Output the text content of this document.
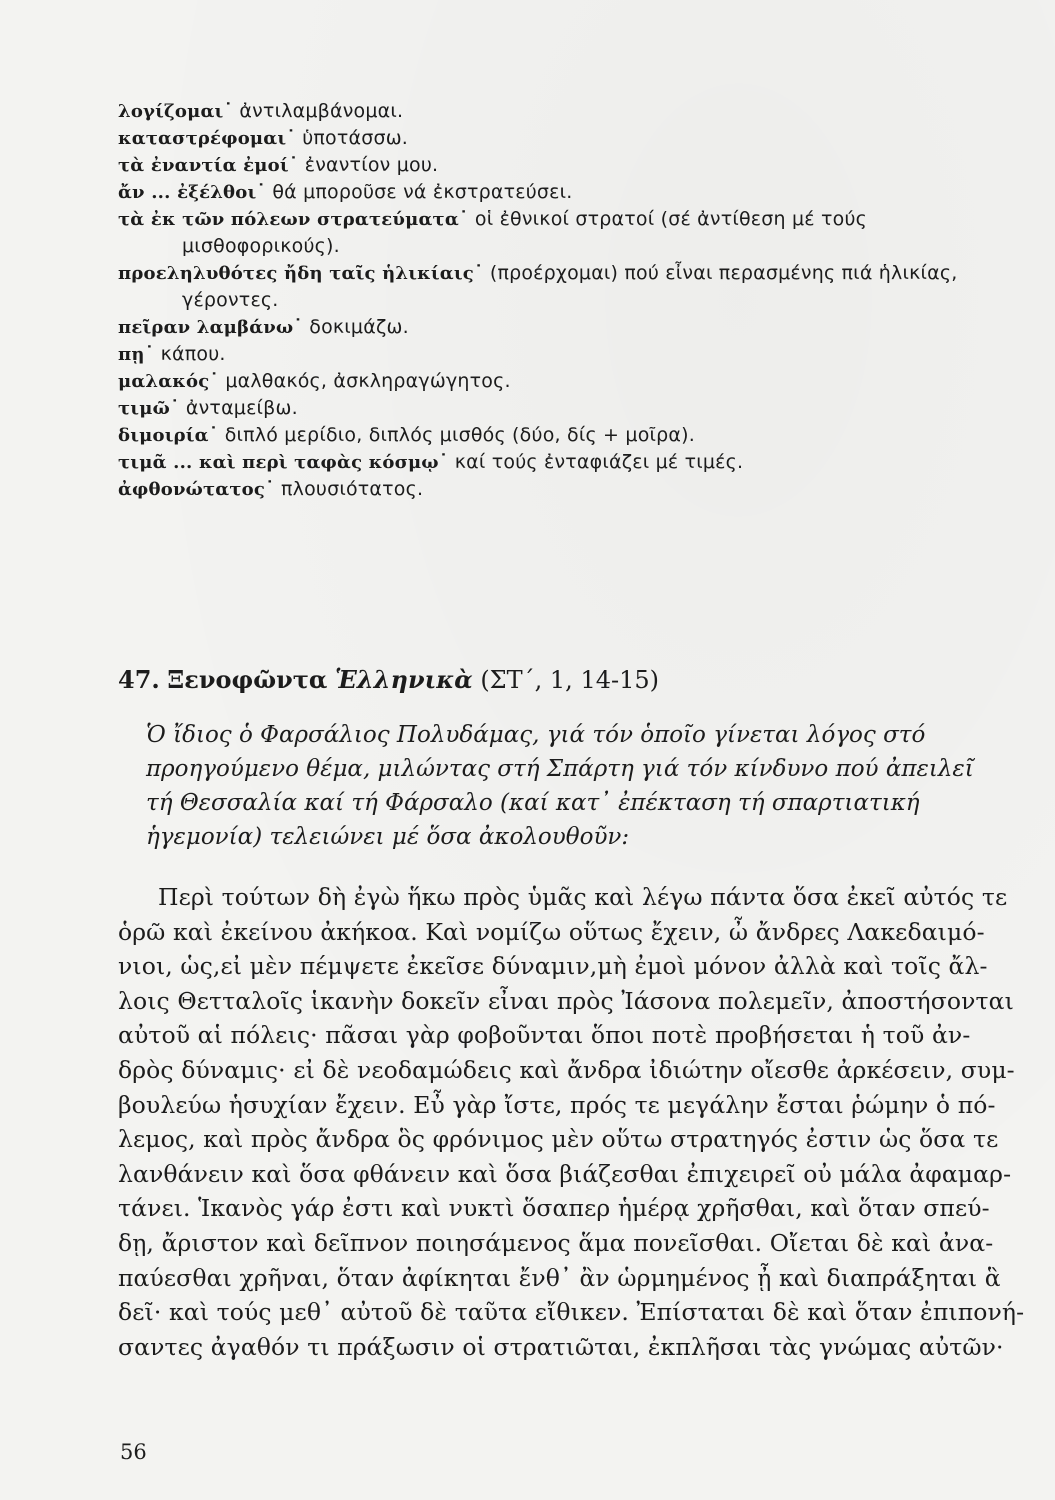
λογίζομαι˙ ἀντιλαμβάνομαι.

καταστρέφομαι˙ ὑποτάσσω.

τὰ ἐναντία ἐμοί˙ ἐναντίον μου.

ἄν ... ἐξέλθοι˙ θά μποροῦσε νά ἐκστρατεύσει.

τὰ ἐκ τῶν πόλεων στρατεύματα˙ οἱ ἐθνικοί στρατοί (σέ ἀντίθεση μέ τούς μισθοφορικούς).

προεληλυθότες ἤδη ταῖς ἡλικίαις˙ (προέρχομαι) πού εἶναι περασμένης πιά ἡλικίας, γέροντες.

πεῖραν λαμβάνω˙ δοκιμάζω.

πῃ˙ κάπου.

μαλακός˙ μαλθακός, ἀσκληραγώγητος.

τιμῶ˙ ἀνταμείβω.

διμοιρία˙ διπλό μερίδιο, διπλός μισθός (δύο, δίς + μοῖρα).

τιμᾶ ... καὶ περὶ ταφὰς κόσμῳ˙ καί τούς ἐνταφιάζει μέ τιμές.

ἀφθονώτατος˙ πλουσιότατος.

47. Ξενοφῶντα Ἑλληνικὰ (ΣΤ΄, 1, 14-15)

Ὁ ἴδιος ὁ Φαρσάλιος Πολυδάμας, γιά τόν ὁποῖο γίνεται λόγος στό προηγούμενο θέμα, μιλώντας στή Σπάρτη γιά τόν κίνδυνο πού ἀπειλεῖ τή Θεσσαλία καί τή Φάρσαλο (καί κατ᾽ ἐπέκταση τή σπαρτιατική ἡγεμονία) τελειώνει μέ ὅσα ἀκολουθοῦν:

Περὶ τούτων δὴ ἐγὼ ἥκω πρὸς ὑμᾶς καὶ λέγω πάντα ὅσα ἐκεῖ αὐτός τε
ὁρῶ καὶ ἐκείνου ἀκήκοα. Καὶ νομίζω οὕτως ἔχειν, ὦ ἄνδρες Λακεδαιμό-
νιοι, ὡς,εἰ μὲν πέμψετε ἐκεῖσε δύναμιν,μὴ ἐμοὶ μόνον ἀλλὰ καὶ τοῖς ἄλ-
λοις Θετταλοῖς ἱκανὴν δοκεῖν εἶναι πρὸς Ἰάσονα πολεμεῖν, ἀποστήσονται
αὐτοῦ αἱ πόλεις· πᾶσαι γὰρ φοβοῦνται ὅποι ποτὲ προβήσεται ἡ τοῦ ἀν-
δρὸς δύναμις· εἰ δὲ νεοδαμώδεις καὶ ἄνδρα ἰδιώτην οἴεσθε ἀρκέσειν, συμ-
βουλεύω ἡσυχίαν ἔχειν. Εὖ γὰρ ἴστε, πρός τε μεγάλην ἔσται ῥώμην ὁ πό-
λεμος, καὶ πρὸς ἄνδρα ὃς φρόνιμος μὲν οὕτω στρατηγός ἐστιν ὡς ὅσα τε
λανθάνειν καὶ ὅσα φθάνειν καὶ ὅσα βιάζεσθαι ἐπιχειρεῖ οὐ μάλα ἀφαμαρ-
τάνει. Ἱκανὸς γάρ ἐστι καὶ νυκτὶ ὅσαπερ ἡμέρᾳ χρῆσθαι, καὶ ὅταν σπεύ-
δῃ, ἄριστον καὶ δεῖπνον ποιησάμενος ἅμα πονεῖσθαι. Οἴεται δὲ καὶ ἀνα-
παύεσθαι χρῆναι, ὅταν ἀφίκηται ἔνθ᾽ ἂν ὡρμημένος ᾖ καὶ διαπράξηται ἃ
δεῖ· καὶ τούς μεθ᾽ αὐτοῦ δὲ ταῦτα εἴθικεν. Ἐπίσταται δὲ καὶ ὅταν ἐπιπονή-
σαντες ἀγαθόν τι πράξωσιν οἱ στρατιῶται, ἐκπλῆσαι τὰς γνώμας αὐτῶν·
56
